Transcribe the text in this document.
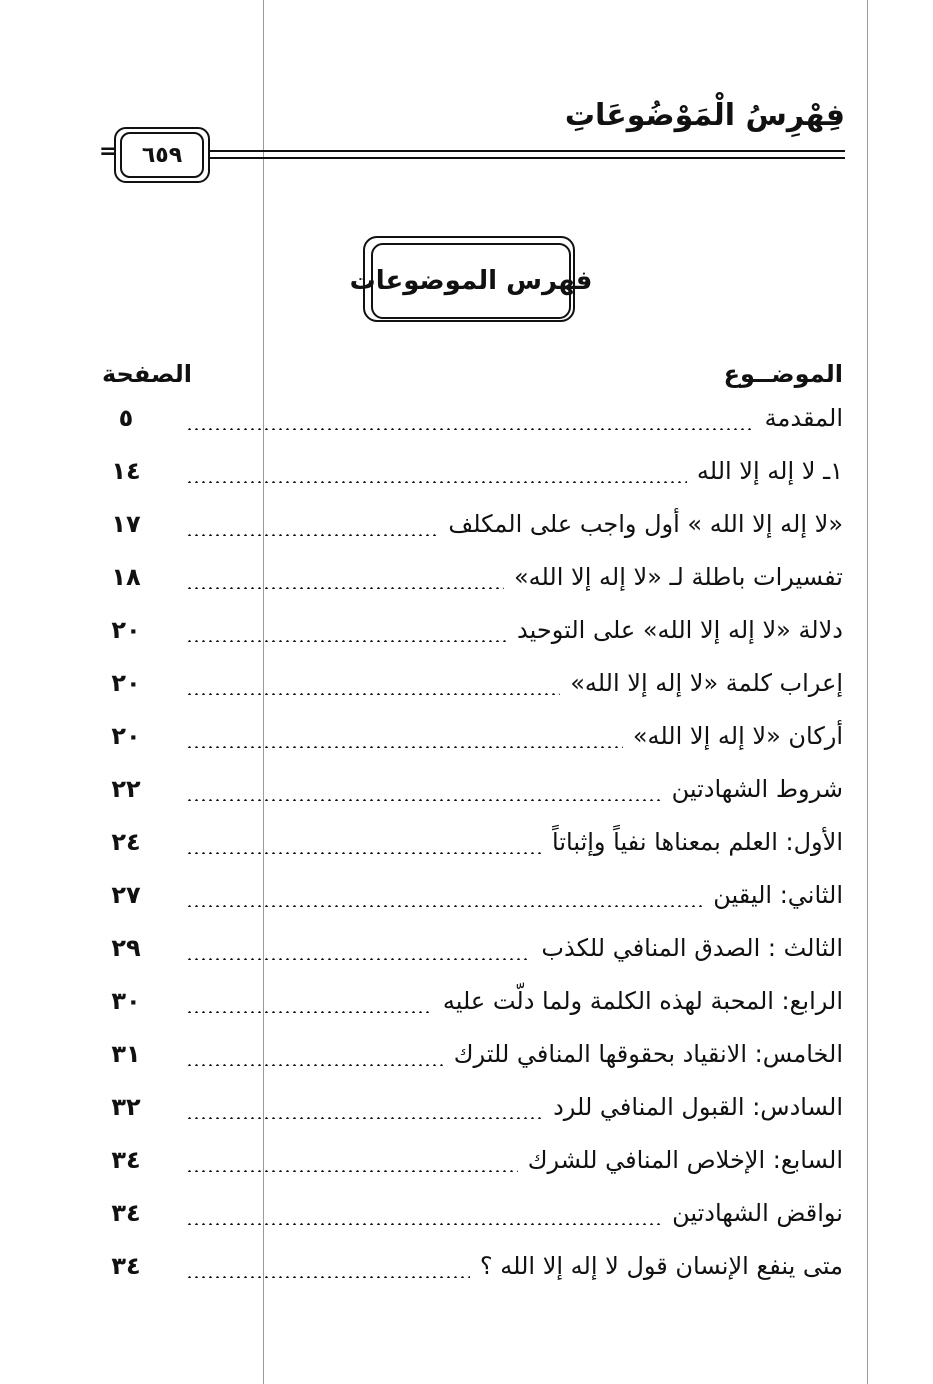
فِهْرِسُ الْمَوْضُوعَاتِ
=	٦٥٩
فهرس الموضوعات
الموضــوع
الصفحة
المقدمة
٥
١ـ لا إله إلا الله
١٤
«لا إله إلا الله » أول واجب على المكلف
١٧
تفسيرات باطلة لـ «لا إله إلا الله»
١٨
دلالة «لا إله إلا الله» على التوحيد
٢٠
إعراب كلمة «لا إله إلا الله»
٢٠
أركان «لا إله إلا الله»
٢٠
شروط الشهادتين
٢٢
الأول: العلم بمعناها نفياً وإثباتاً
٢٤
الثاني: اليقين
٢٧
الثالث : الصدق المنافي للكذب
٢٩
الرابع: المحبة لهذه الكلمة ولما دلّت عليه
٣٠
الخامس: الانقياد بحقوقها المنافي للترك
٣١
السادس: القبول المنافي للرد
٣٢
السابع: الإخلاص المنافي للشرك
٣٤
نواقض الشهادتين
٣٤
متى ينفع الإنسان قول لا إله إلا الله ؟
٣٤
